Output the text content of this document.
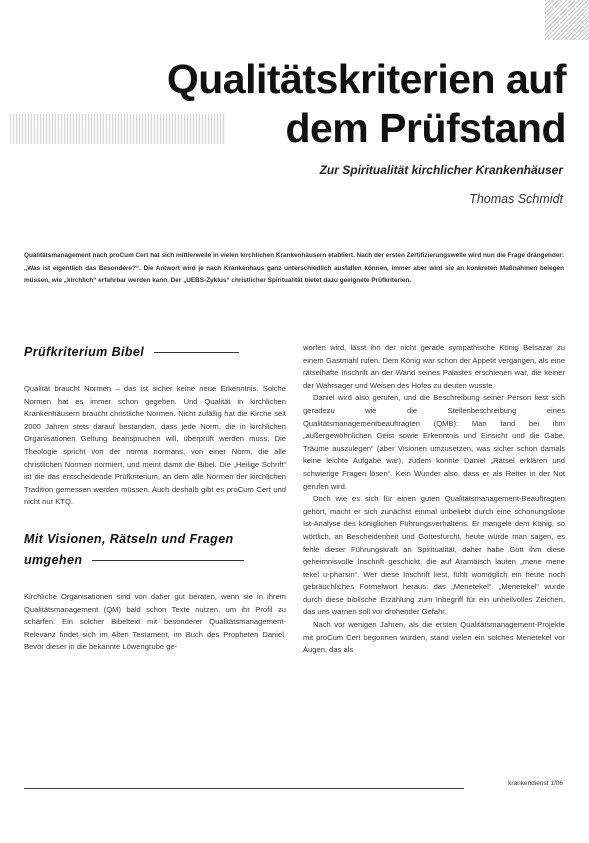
Qualitätskriterien auf
dem Prüfstand

Zur Spiritualität kirchlicher Krankenhäuser

Thomas Schmidt

Qualitätsmanagement nach proCum Cert hat sich mittlerweile in vielen kirchlichen Krankenhäusern etabliert. Nach der ersten Zertifizierungswelle wird nun die Frage drängender: „Was ist eigentlich das Besondere?“. Die Antwort wird je nach Krankenhaus ganz unterschiedlich ausfallen können, immer aber wird sie an konkreten Maßnahmen belegen müssen, wie „kirchlich“ erfahrbar werden kann. Der „UEBS-Zyklus“ christlicher Spiritualität bietet dazu geeignete Prüfkriterien.

Prüfkriterium Bibel

Qualität braucht Normen – das ist sicher keine neue Erkenntnis. Solche Normen hat es immer schon gegeben. Und Qualität in kirchlichen Krankenhäusern braucht christliche Normen. Nicht zufällig hat die Kirche seit 2000 Jahren stets darauf bestanden, dass jede Norm, die in kirchlichen Organisationen Geltung beanspruchen will, überprüft werden muss. Die Theologie spricht von der norma normans, von einer Norm, die alle christlichen Normen normiert, und meint damit die Bibel. Die „Heilige Schrift“ ist die das entscheidende Prüfkriterium, an dem alle Normen der kirchlichen Tradition gemessen werden müssen. Auch deshalb gibt es proCum Cert und nicht nur KTQ.

Mit Visionen, Rätseln und Fragen
umgehen

Kirchliche Organisationen sind von daher gut beraten, wenn sie in ihrem Qualitätsmanagement (QM) bald schon Texte nutzen, um ihr Profil zu schärfen. Ein solcher Bibeltext mit besonderer Qualitätsmanagement-Relevanz findet sich im Alten Testament, im Buch des Propheten Daniel. Bevor dieser in die bekannte Löwengrube ge-

worfen wird, lässt ihn der nicht gerade sympathische König Belsazar zu einem Gastmahl rufen. Dem König war schon der Appetit vergangen, als eine rätselhafte Inschrift an der Wand seines Palastes erschienen war, die keiner der Wahrsager und Weisen des Hofes zu deuten wusste.

Daniel wird also gerufen, und die Beschreibung seiner Person liest sich geradezu wie die Stellenbeschreibung eines Qualitätsmanagementbeauftragten (QMB): Man fand bei ihm „außergewöhnlichen Geist sowie Erkenntnis und Einsicht und die Gabe, Träume auszulegen“ (aber Visionen umzusetzen, was sicher schon damals keine leichte Aufgabe war), zudem konnte Daniel „Rätsel erklären und schwierige Fragen lösen“. Kein Wunder also, dass er als Retter in der Not gerufen wird.

Doch wie es sich für einen guten Qualitätsmanagement-Beauftragten gehört, macht er sich zunächst einmal unbeliebt durch eine schonungslose Ist-Analyse des königlichen Führungsverhaltens. Er mangele dem König, so wörtlich, an Bescheidenheit und Gottesfurcht, heute würde man sagen, es fehle dieser Führungskraft an Spiritualität, daher habe Gott ihm diese geheimnisvolle Inschrift geschickt, die auf Aramäisch lauten „mene mene tekel u-pharsin“. Wer diese Inschrift liest, fühlt womöglich ein heute noch gebräuchliches Formelwort heraus: das „Menetekel“. „Menetekel“ wurde durch diese biblische Erzählung zum Inbegriff für ein unheilvolles Zeichen, das uns warnen soll vor drohender Gefahr.

Nach vor wenigen Jahren, als die ersten Qualitätsmanagement-Projekte mit proCum Cert begonnen wurden, stand vielen ein solches Menetekel vor Augen, das als

krankendienst 1/06
